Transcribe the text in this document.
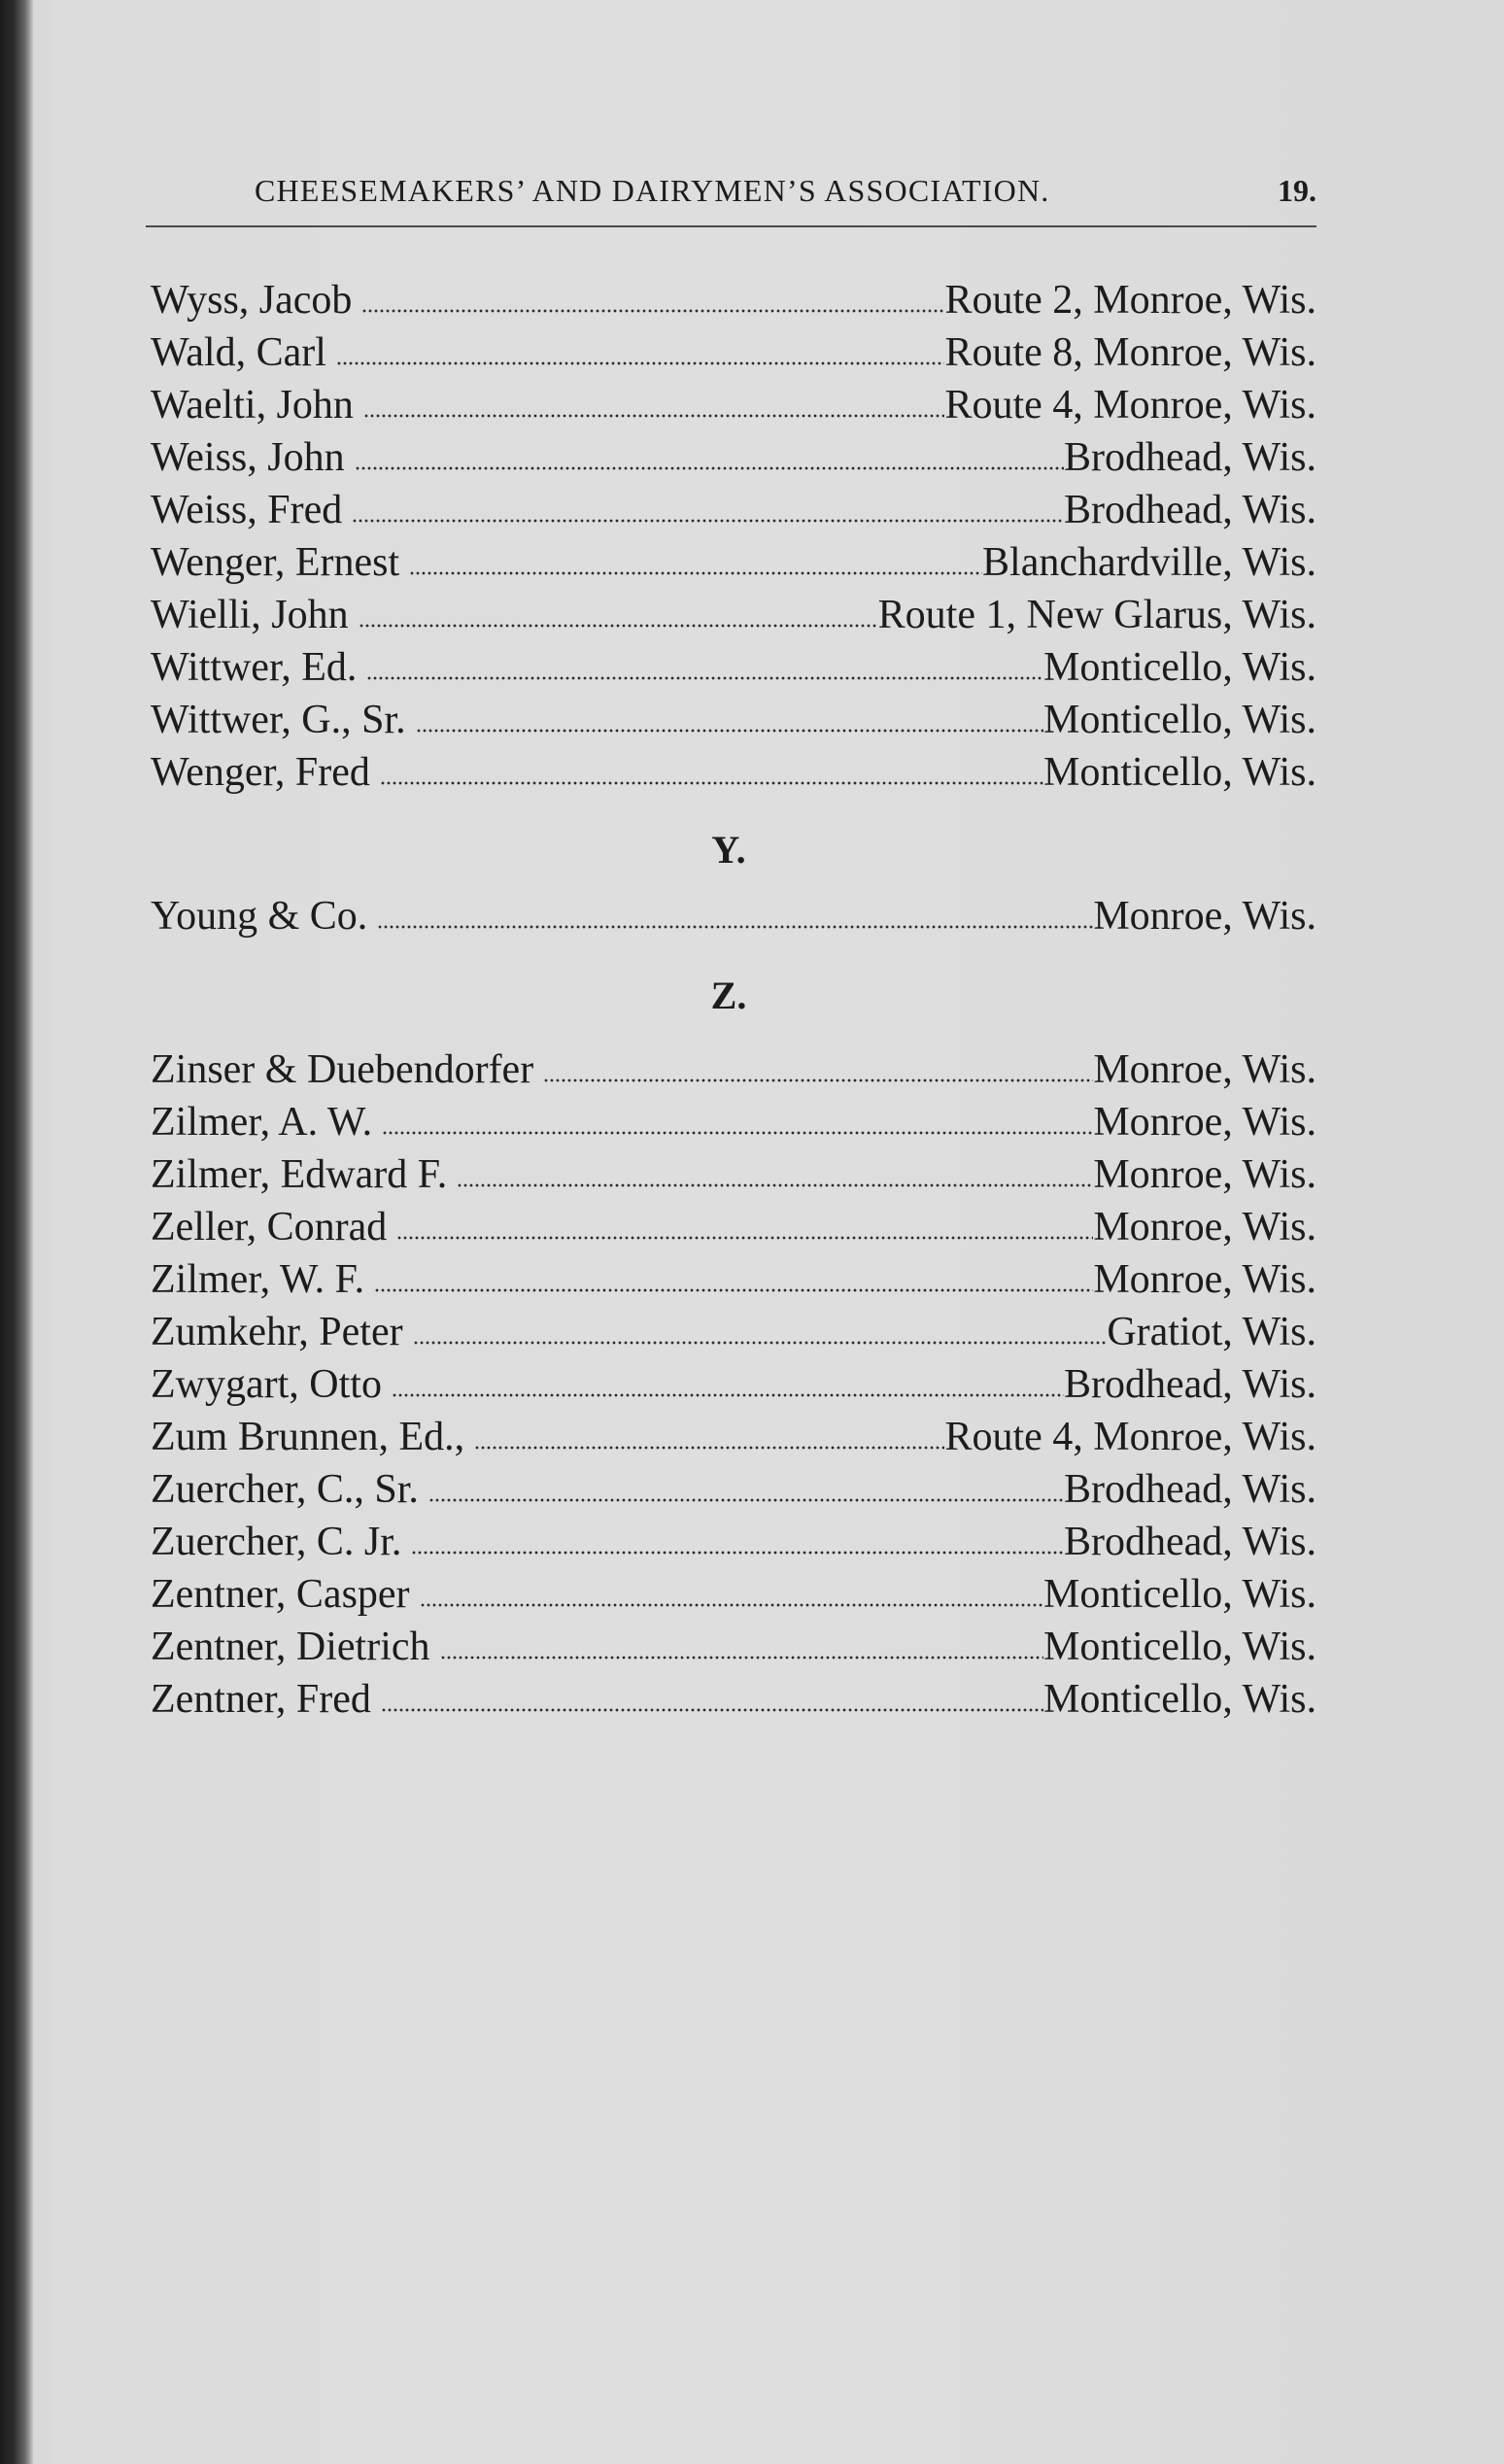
CHEESEMAKERS’ AND DAIRYMEN’S ASSOCIATION.	19.
Wyss, Jacob	Route 2, Monroe, Wis.
Wald, Carl	Route 8, Monroe, Wis.
Waelti, John	Route 4, Monroe, Wis.
Weiss, John	Brodhead, Wis.
Weiss, Fred	Brodhead, Wis.
Wenger, Ernest	Blanchardville, Wis.
Wielli, John	Route 1, New Glarus, Wis.
Wittwer, Ed.	Monticello, Wis.
Wittwer, G., Sr.	Monticello, Wis.
Wenger, Fred	Monticello, Wis.
Y.
Young & Co.	Monroe, Wis.
Z.
Zinser & Duebendorfer	Monroe, Wis.
Zilmer, A. W.	Monroe, Wis.
Zilmer, Edward F.	Monroe, Wis.
Zeller, Conrad	Monroe, Wis.
Zilmer, W. F.	Monroe, Wis.
Zumkehr, Peter	Gratiot, Wis.
Zwygart, Otto	Brodhead, Wis.
Zum Brunnen, Ed.,	Route 4, Monroe, Wis.
Zuercher, C., Sr.	Brodhead, Wis.
Zuercher, C. Jr.	Brodhead, Wis.
Zentner, Casper	Monticello, Wis.
Zentner, Dietrich	Monticello, Wis.
Zentner, Fred	Monticello, Wis.
